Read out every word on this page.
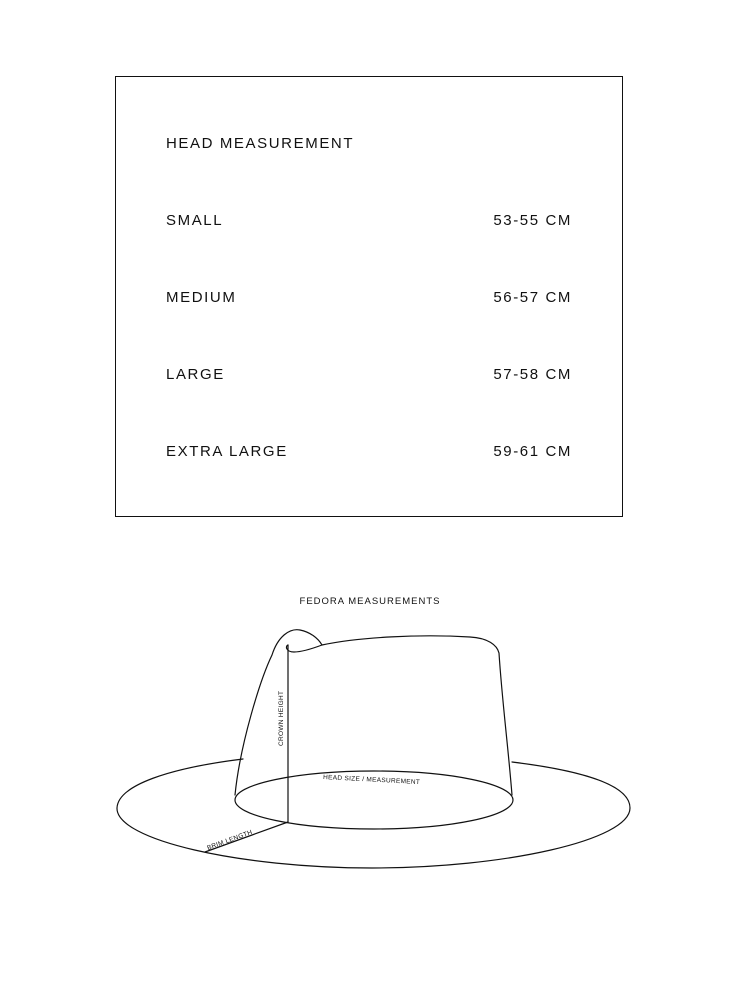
HEAD MEASUREMENT
SMALL	53-55 CM
MEDIUM	56-57 CM
LARGE	57-58 CM
EXTRA LARGE	59-61 CM
FEDORA MEASUREMENTS
CROWN HEIGHT
HEAD SIZE / MEASUREMENT
BRIM LENGTH
